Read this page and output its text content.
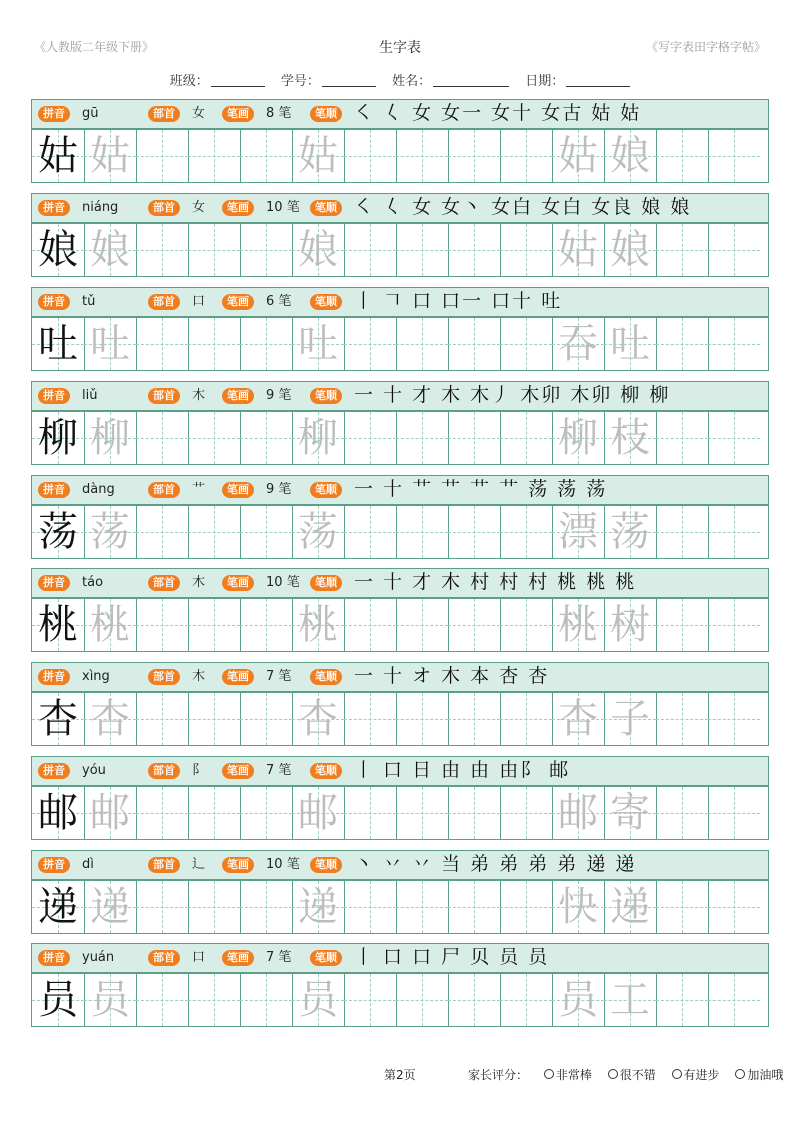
《人教版二年级下册》	生字表	《写字表田字格字帖》
班级：	学号：	姓名：	日期：
拼音	gū	部首	女	笔画	8 笔	笔顺 ㇛ 𡿨 女 女一 女十 女古 姑 姑
姑 姑	姑	姑 娘
拼音	niáng	部首	女	笔画	10 笔	笔顺 ㇛ 𡿨 女 女丶 女白 女白 女良 娘 娘
娘 娘	娘	姑 娘
拼音	tǔ	部首	口	笔画	6 笔	笔顺 丨 𠃍 口 口一 口十 吐
吐 吐	吐	吞 吐
拼音	liǔ	部首	木	笔画	9 笔	笔顺 一 十 才 木 木丿 木卯 木卯 柳 柳
柳 柳	柳	柳 枝
拼音	dàng	部首	艹	笔画	9 笔	笔顺 一 十 艹 艹 艹 艹 荡 荡 荡
荡 荡	荡	漂 荡
拼音	táo	部首	木	笔画	10 笔	笔顺 一 十 才 木 村 村 村 桃 桃 桃
桃 桃	桃	桃 树
拼音	xìng	部首	木	笔画	7 笔	笔顺 一 十 オ 木 本 杏 杏
杏 杏	杏	杏 子
拼音	yóu	部首	阝	笔画	7 笔	笔顺 丨 口 日 由 由 由阝 邮
邮 邮	邮	邮 寄
拼音	dì	部首	辶	笔画	10 笔	笔顺 丶 丷 丷 当 弟 弟 弟 弟 递 递
递 递	递	快 递
拼音	yuán	部首	口	笔画	7 笔	笔顺 丨 口 口 尸 贝 员 员
员 员	员	员 工
第2页	家长评分： 非常棒 很不错 有进步 加油哦
